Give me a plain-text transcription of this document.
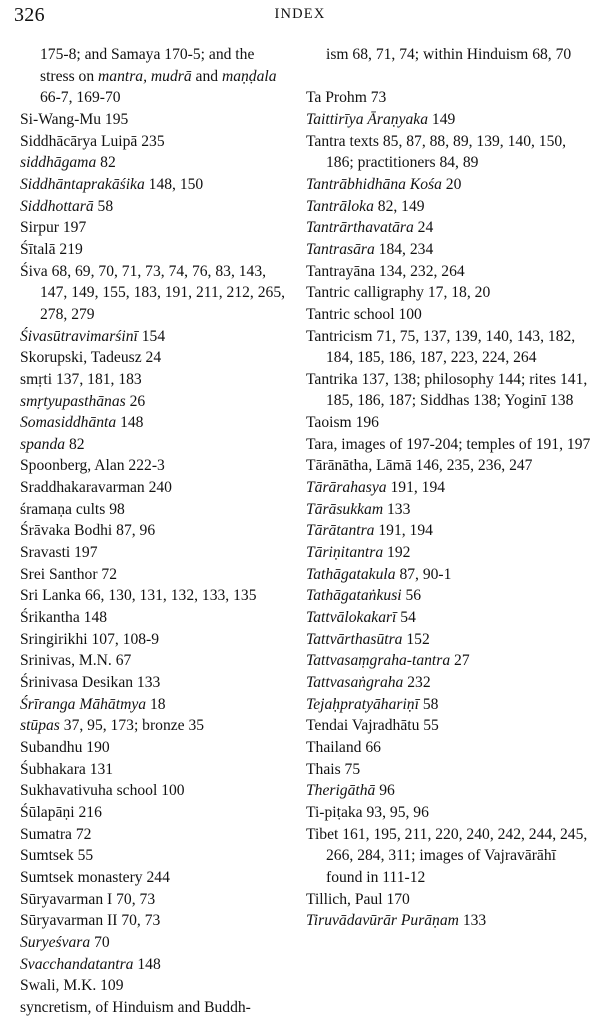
326	INDEX

175-8; and Samaya 170-5; and the stress on mantra, mudrā and maṇḍala 66-7, 169-70

Si-Wang-Mu 195

Siddhācārya Luipā 235

siddhāgama 82

Siddhāntaprakāśika 148, 150

Siddhottarā 58

Sirpur 197

Śītalā 219

Śiva 68, 69, 70, 71, 73, 74, 76, 83, 143, 147, 149, 155, 183, 191, 211, 212, 265, 278, 279

Śivasūtravimarśinī 154

Skorupski, Tadeusz 24

smṛti 137, 181, 183

smṛtyupasthānas 26

Somasiddhānta 148

spanda 82

Spoonberg, Alan 222-3

Sraddhakaravarman 240

śramaṇa cults 98

Śrāvaka Bodhi 87, 96

Sravasti 197

Srei Santhor 72

Sri Lanka 66, 130, 131, 132, 133, 135

Śrikantha 148

Sringirikhi 107, 108-9

Srinivas, M.N. 67

Śrinivasa Desikan 133

Śrīranga Māhātmya 18

stūpas 37, 95, 173; bronze 35

Subandhu 190

Śubhakara 131

Sukhavativuha school 100

Śūlapāṇi 216

Sumatra 72

Sumtsek 55

Sumtsek monastery 244

Sūryavarman I 70, 73

Sūryavarman II 70, 73

Suryeśvara 70

Svacchandatantra 148

Swali, M.K. 109

syncretism, of Hinduism and Buddh-

ism 68, 71, 74; within Hinduism 68, 70

Ta Prohm 73

Taittirīya Āraṇyaka 149

Tantra texts 85, 87, 88, 89, 139, 140, 150, 186; practitioners 84, 89

Tantrābhidhāna Kośa 20

Tantrāloka 82, 149

Tantrārthavatāra 24

Tantrasāra 184, 234

Tantrayāna 134, 232, 264

Tantric calligraphy 17, 18, 20

Tantric school 100

Tantricism 71, 75, 137, 139, 140, 143, 182, 184, 185, 186, 187, 223, 224, 264

Tantrika 137, 138; philosophy 144; rites 141, 185, 186, 187; Siddhas 138; Yoginī 138

Taoism 196

Tara, images of 197-204; temples of 191, 197

Tārānātha, Lāmā 146, 235, 236, 247

Tārārahasya 191, 194

Tārāsukkam 133

Tārātantra 191, 194

Tāriṇitantra 192

Tathāgatakula 87, 90-1

Tathāgataṅkusi 56

Tattvālokakarī 54

Tattvārthasūtra 152

Tattvasaṃgraha-tantra 27

Tattvasaṅgraha 232

Tejaḥpratyāhariṇī 58

Tendai Vajradhātu 55

Thailand 66

Thais 75

Therigāthā 96

Ti-piṭaka 93, 95, 96

Tibet 161, 195, 211, 220, 240, 242, 244, 245, 266, 284, 311; images of Vajravārāhī found in 111-12

Tillich, Paul 170

Tiruvādavūrār Purāṇam 133
